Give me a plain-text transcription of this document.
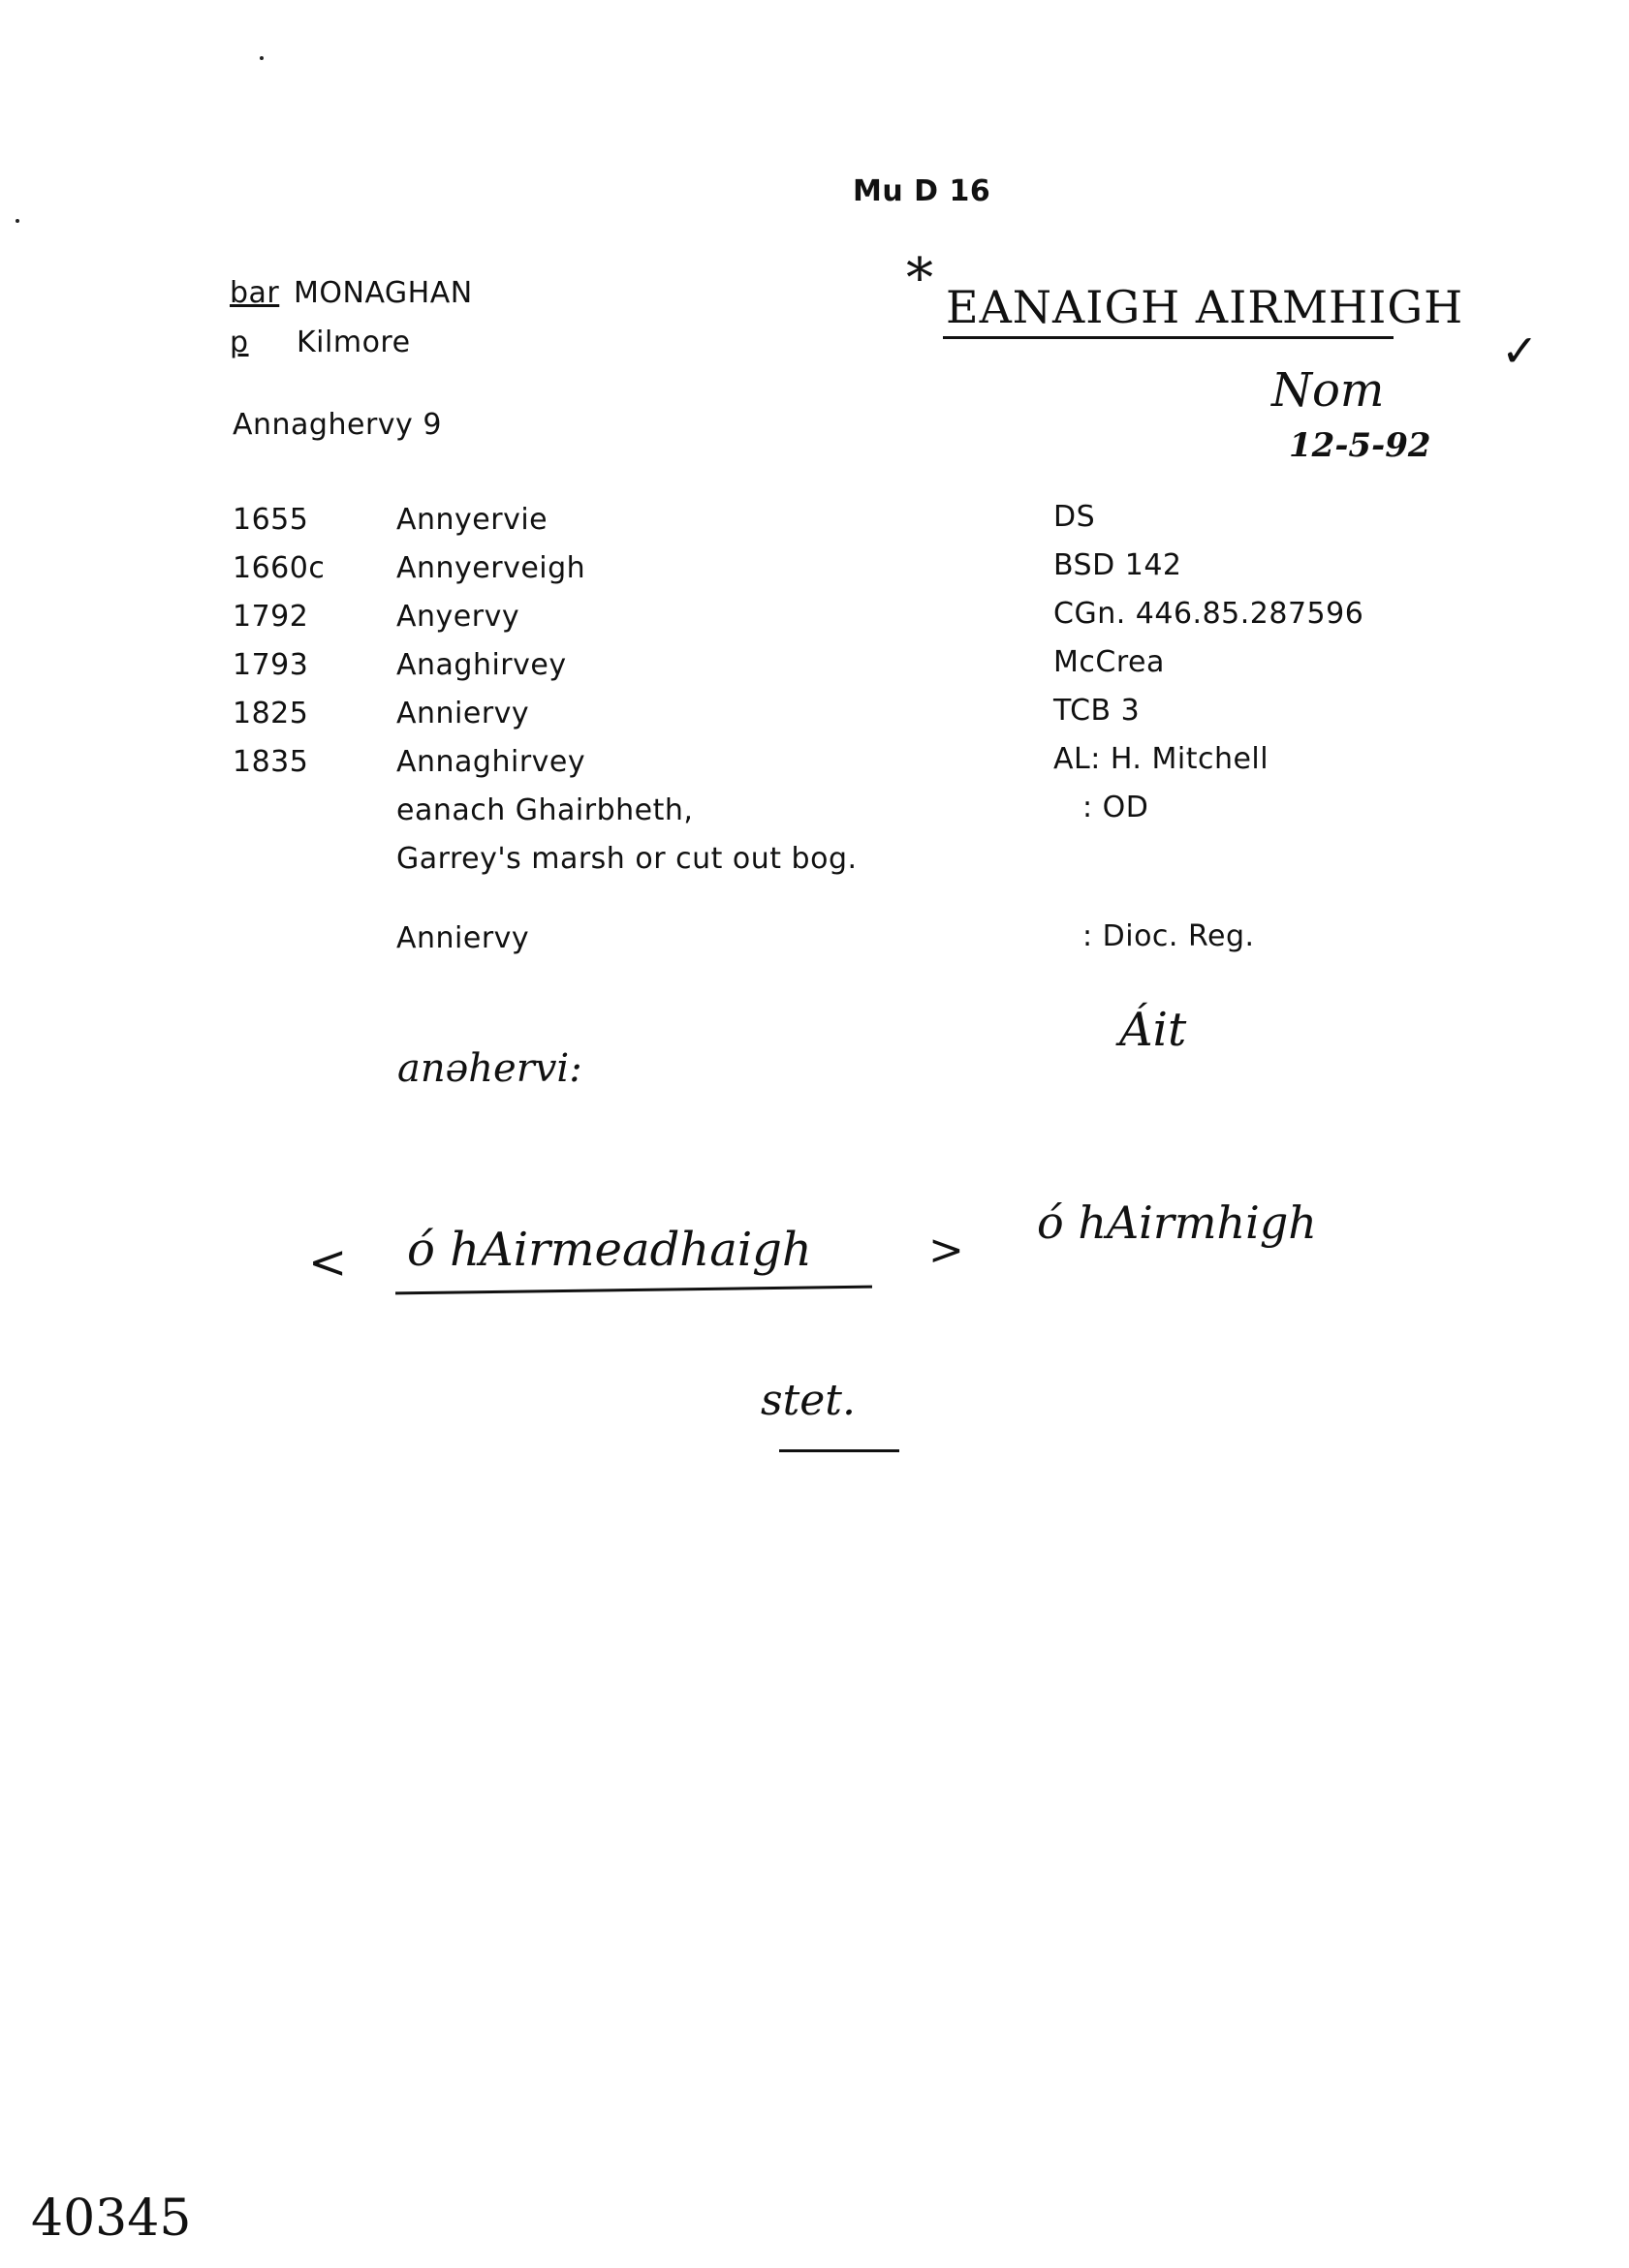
Mu D 16
bar MONAGHAN
p Kilmore
Annaghervy 9
1655	Annyervie	DS
1660c Annyerveigh	BSD 142
1792	Anyervy	CGn. 446.85.287596
1793	Anaghirvey	McCrea
1825	Anniervy	TCB 3
1835	Annaghirvey	AL: H. Mitchell
eanach Ghairbheth,	: OD
Garrey's marsh or cut out bog.
Anniervy	: Dioc. Reg.
* EANAIGH AIRMHIGH
✓
Nom
12-5-92
anəhervi:
Áit
< ó hAirmeadhaigh	>
ó hAirmhigh
stet.
40345
